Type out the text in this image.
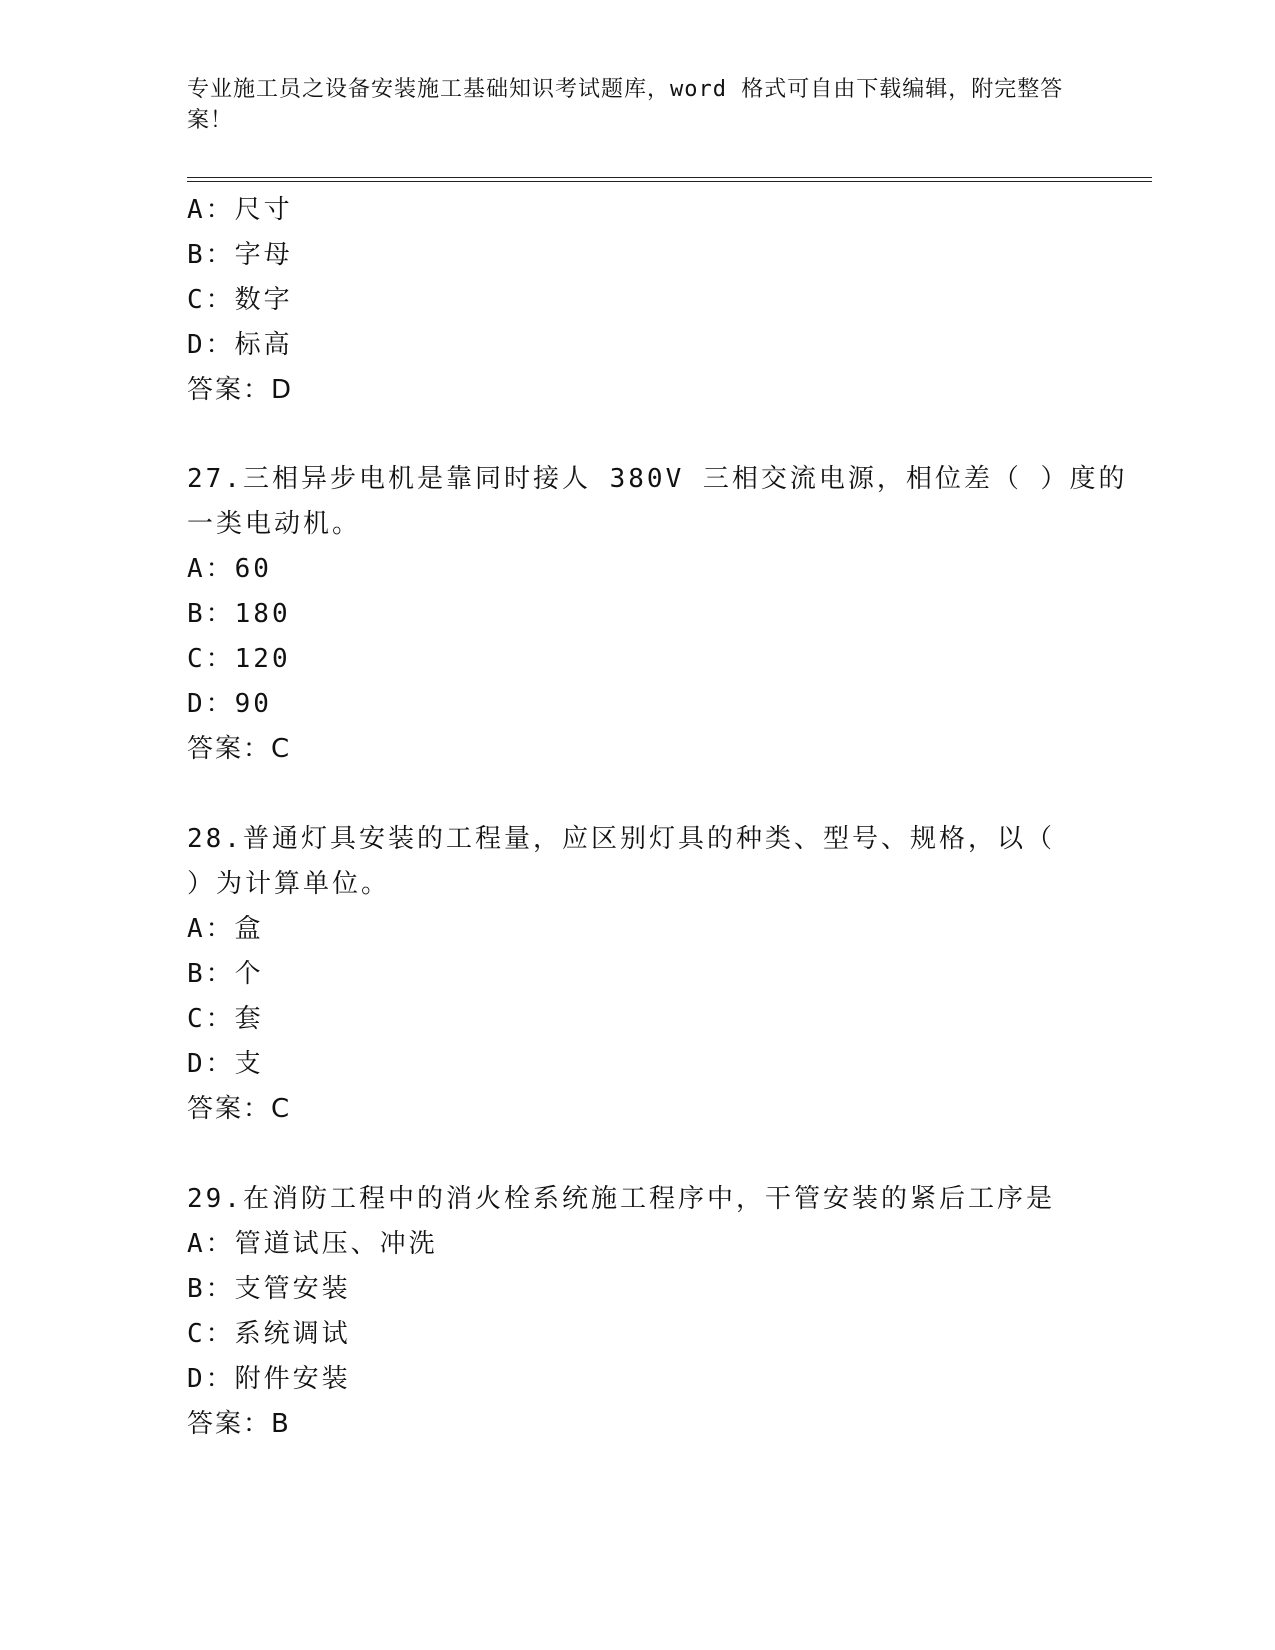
专业施工员之设备安装施工基础知识考试题库，word 格式可自由下载编辑，附完整答案！
A：尺寸
B：字母
C：数字
D：标高
答案：D
27.三相异步电机是靠同时接人 380V 三相交流电源，相位差（ ）度的
一类电动机。
A：60
B：180
C：120
D：90
答案：C
28.普通灯具安装的工程量，应区别灯具的种类、型号、规格，以（
）为计算单位。
A：盒
B：个
C：套
D：支
答案：C
29.在消防工程中的消火栓系统施工程序中，干管安装的紧后工序是
A：管道试压、冲洗
B：支管安装
C：系统调试
D：附件安装
答案：B
